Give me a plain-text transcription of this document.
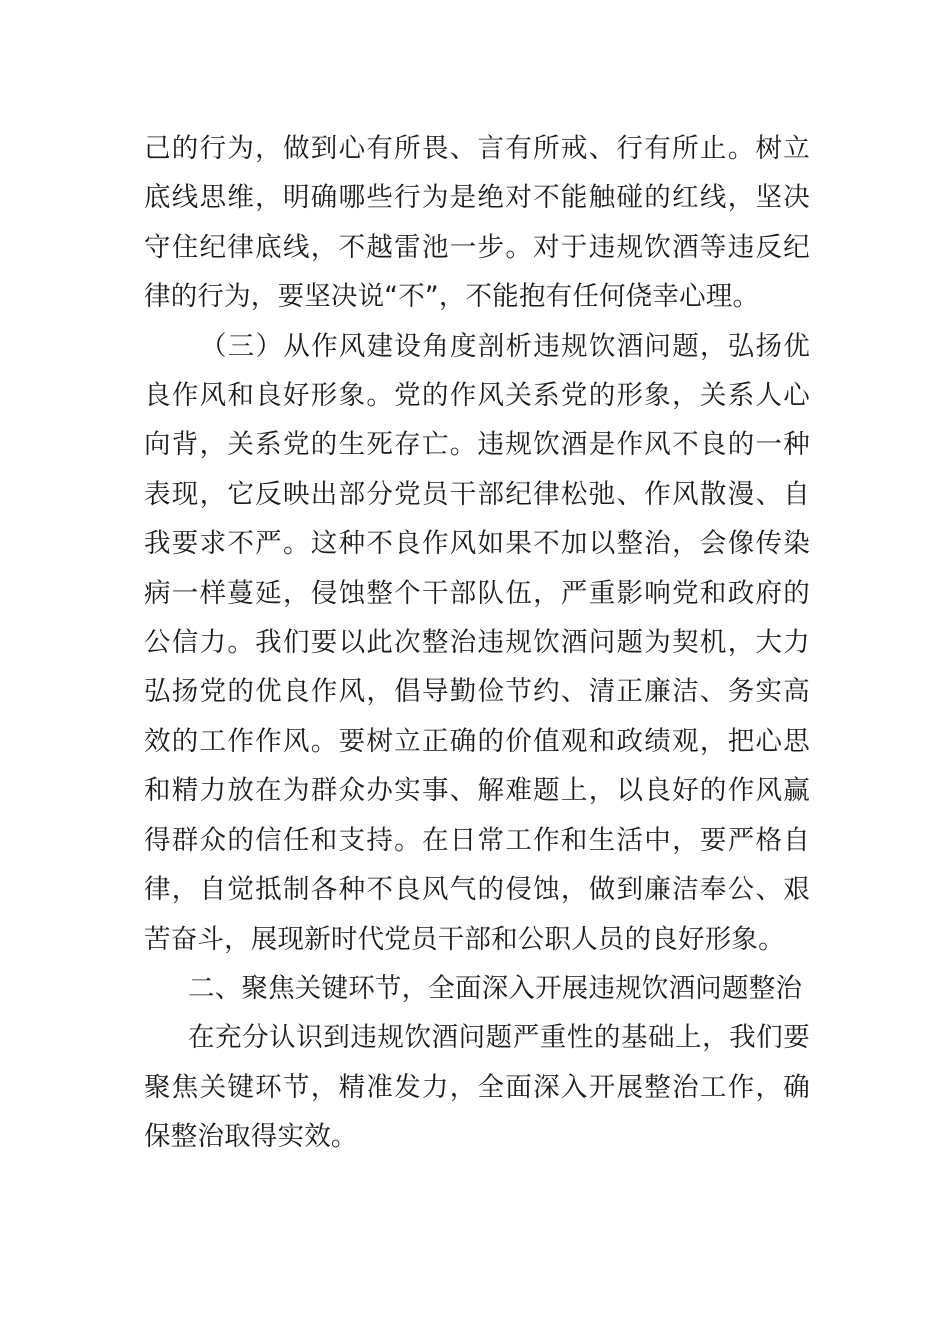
己的行为，做到心有所畏、言有所戒、行有所止。树立底线思维，明确哪些行为是绝对不能触碰的红线，坚决守住纪律底线，不越雷池一步。对于违规饮酒等违反纪律的行为，要坚决说“不”，不能抱有任何侥幸心理。

（三）从作风建设角度剖析违规饮酒问题，弘扬优良作风和良好形象。党的作风关系党的形象，关系人心向背，关系党的生死存亡。违规饮酒是作风不良的一种表现，它反映出部分党员干部纪律松弛、作风散漫、自我要求不严。这种不良作风如果不加以整治，会像传染病一样蔓延，侵蚀整个干部队伍，严重影响党和政府的公信力。我们要以此次整治违规饮酒问题为契机，大力弘扬党的优良作风，倡导勤俭节约、清正廉洁、务实高效的工作作风。要树立正确的价值观和政绩观，把心思和精力放在为群众办实事、解难题上，以良好的作风赢得群众的信任和支持。在日常工作和生活中，要严格自律，自觉抵制各种不良风气的侵蚀，做到廉洁奉公、艰苦奋斗，展现新时代党员干部和公职人员的良好形象。

二、聚焦关键环节，全面深入开展违规饮酒问题整治

在充分认识到违规饮酒问题严重性的基础上，我们要聚焦关键环节，精准发力，全面深入开展整治工作，确保整治取得实效。
